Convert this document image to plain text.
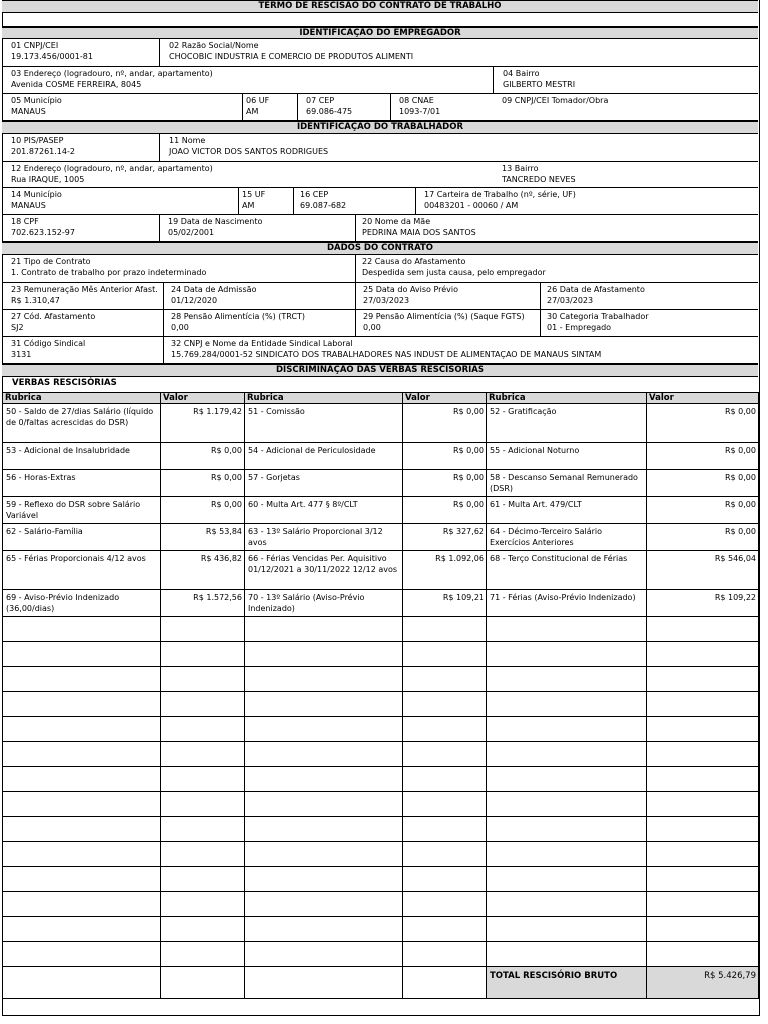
TERMO DE RESCISÃO DO CONTRATO DE TRABALHO
IDENTIFICAÇÃO DO EMPREGADOR
01 CNPJ/CEI
19.173.456/0001-81
02 Razão Social/Nome
CHOCOBIC INDUSTRIA E COMERCIO DE PRODUTOS ALIMENTI
03 Endereço (logradouro, nº, andar, apartamento)
Avenida COSME FERREIRA, 8045
04 Bairro
GILBERTO MESTRI
05 Município
MANAUS
06 UF
AM
07 CEP
69.086-475
08 CNAE
1093-7/01
09 CNPJ/CEI Tomador/Obra
IDENTIFICAÇÃO DO TRABALHADOR
10 PIS/PASEP
201.87261.14-2
11 Nome
JOAO VICTOR DOS SANTOS RODRIGUES
12 Endereço (logradouro, nº, andar, apartamento)
Rua IRAQUE, 1005
13 Bairro
TANCREDO NEVES
14 Município
MANAUS
15 UF
AM
16 CEP
69.087-682
17 Carteira de Trabalho (nº, série, UF)
00483201 - 00060 / AM
18 CPF
702.623.152-97
19 Data de Nascimento
05/02/2001
20 Nome da Mãe
PEDRINA MAIA DOS SANTOS
DADOS DO CONTRATO
21 Tipo de Contrato
1. Contrato de trabalho por prazo indeterminado
22 Causa do Afastamento
Despedida sem justa causa, pelo empregador
23 Remuneração Mês Anterior Afast.
R$ 1.310,47
24 Data de Admissão
01/12/2020
25 Data do Aviso Prévio
27/03/2023
26 Data de Afastamento
27/03/2023
27 Cód. Afastamento
SJ2
28 Pensão Alimentícia (%) (TRCT)
0,00
29 Pensão Alimentícia (%) (Saque FGTS)
0,00
30 Categoria Trabalhador
01 - Empregado
31 Código Sindical
3131
32 CNPJ e Nome da Entidade Sindical Laboral
15.769.284/0001-52 SINDICATO DOS TRABALHADORES NAS INDUST DE ALIMENTAÇAO DE MANAUS SINTAM
DISCRIMINAÇÃO DAS VERBAS RESCISÓRIAS
VERBAS RESCISÓRIAS
Rubrica	Valor	Rubrica	Valor	Rubrica	Valor
50 - Saldo de 27/dias Salário (líquido de 0/faltas acrescidas do DSR)	R$ 1.179,42	51 - Comissão	R$ 0,00	52 - Gratificação	R$ 0,00
53 - Adicional de Insalubridade	R$ 0,00	54 - Adicional de Periculosidade	R$ 0,00	55 - Adicional Noturno	R$ 0,00
56 - Horas-Extras	R$ 0,00	57 - Gorjetas	R$ 0,00	58 - Descanso Semanal Remunerado (DSR)	R$ 0,00
59 - Reflexo do DSR sobre Salário Variável	R$ 0,00	60 - Multa Art. 477 § 8º/CLT	R$ 0,00	61 - Multa Art. 479/CLT	R$ 0,00
62 - Salário-Família	R$ 53,84	63 - 13º Salário Proporcional 3/12 avos	R$ 327,62	64 - Décimo-Terceiro Salário Exercícios Anteriores	R$ 0,00
65 - Férias Proporcionais 4/12 avos	R$ 436,82	66 - Férias Vencidas Per. Aquisitivo 01/12/2021 a 30/11/2022 12/12 avos	R$ 1.092,06	68 - Terço Constitucional de Férias	R$ 546,04
69 - Aviso-Prévio Indenizado (36,00/dias)	R$ 1.572,56	70 - 13º Salário (Aviso-Prévio Indenizado)	R$ 109,21	71 - Férias (Aviso-Prévio Indenizado)	R$ 109,22

				TOTAL RESCISÓRIO BRUTO	R$ 5.426,79
